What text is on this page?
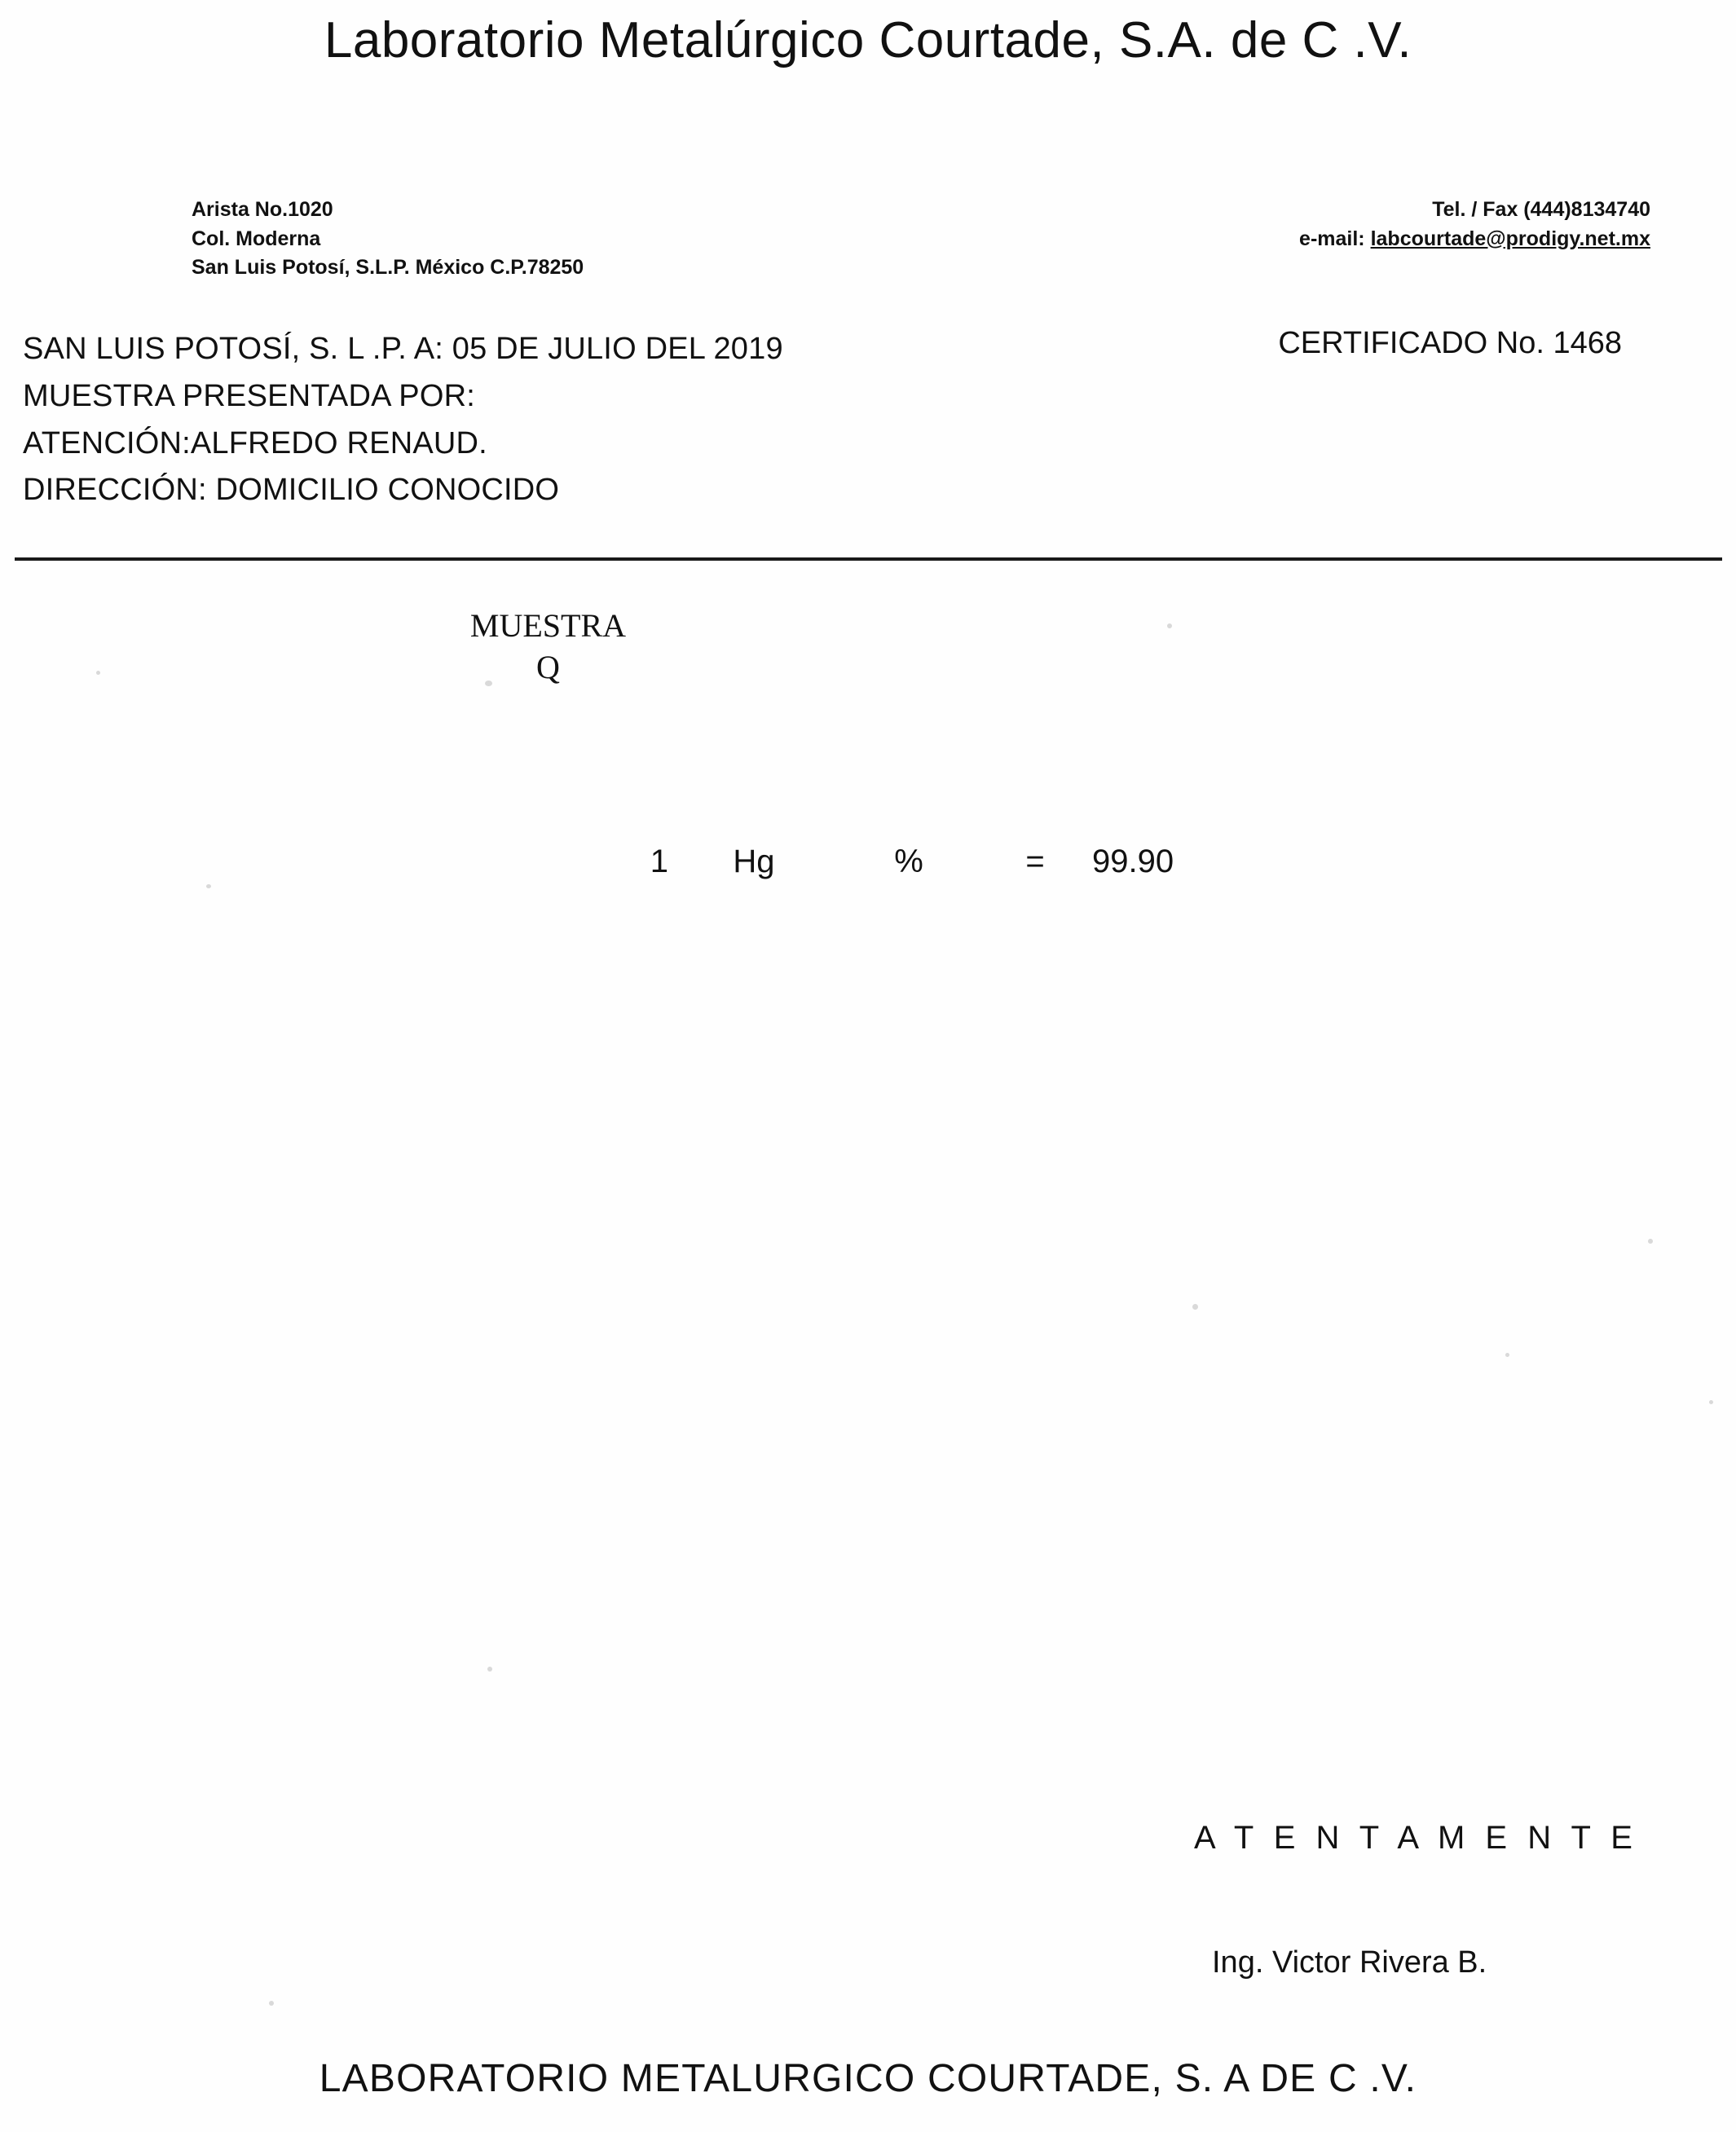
Laboratorio Metalúrgico Courtade, S.A. de C .V.
Arista No.1020
Col. Moderna
San Luis Potosí, S.L.P. México C.P.78250
Tel. / Fax (444)8134740
e-mail: labcourtade@prodigy.net.mx
SAN LUIS POTOSÍ, S. L .P. A: 05 DE JULIO DEL 2019
MUESTRA PRESENTADA POR:
ATENCIÓN:ALFREDO RENAUD.
DIRECCIÓN: DOMICILIO CONOCIDO
CERTIFICADO No. 1468
MUESTRA
Q
1	Hg	%	=	99.90
A T E N T A M E N T E
Ing. Victor Rivera B.
LABORATORIO METALURGICO COURTADE, S. A DE C .V.
